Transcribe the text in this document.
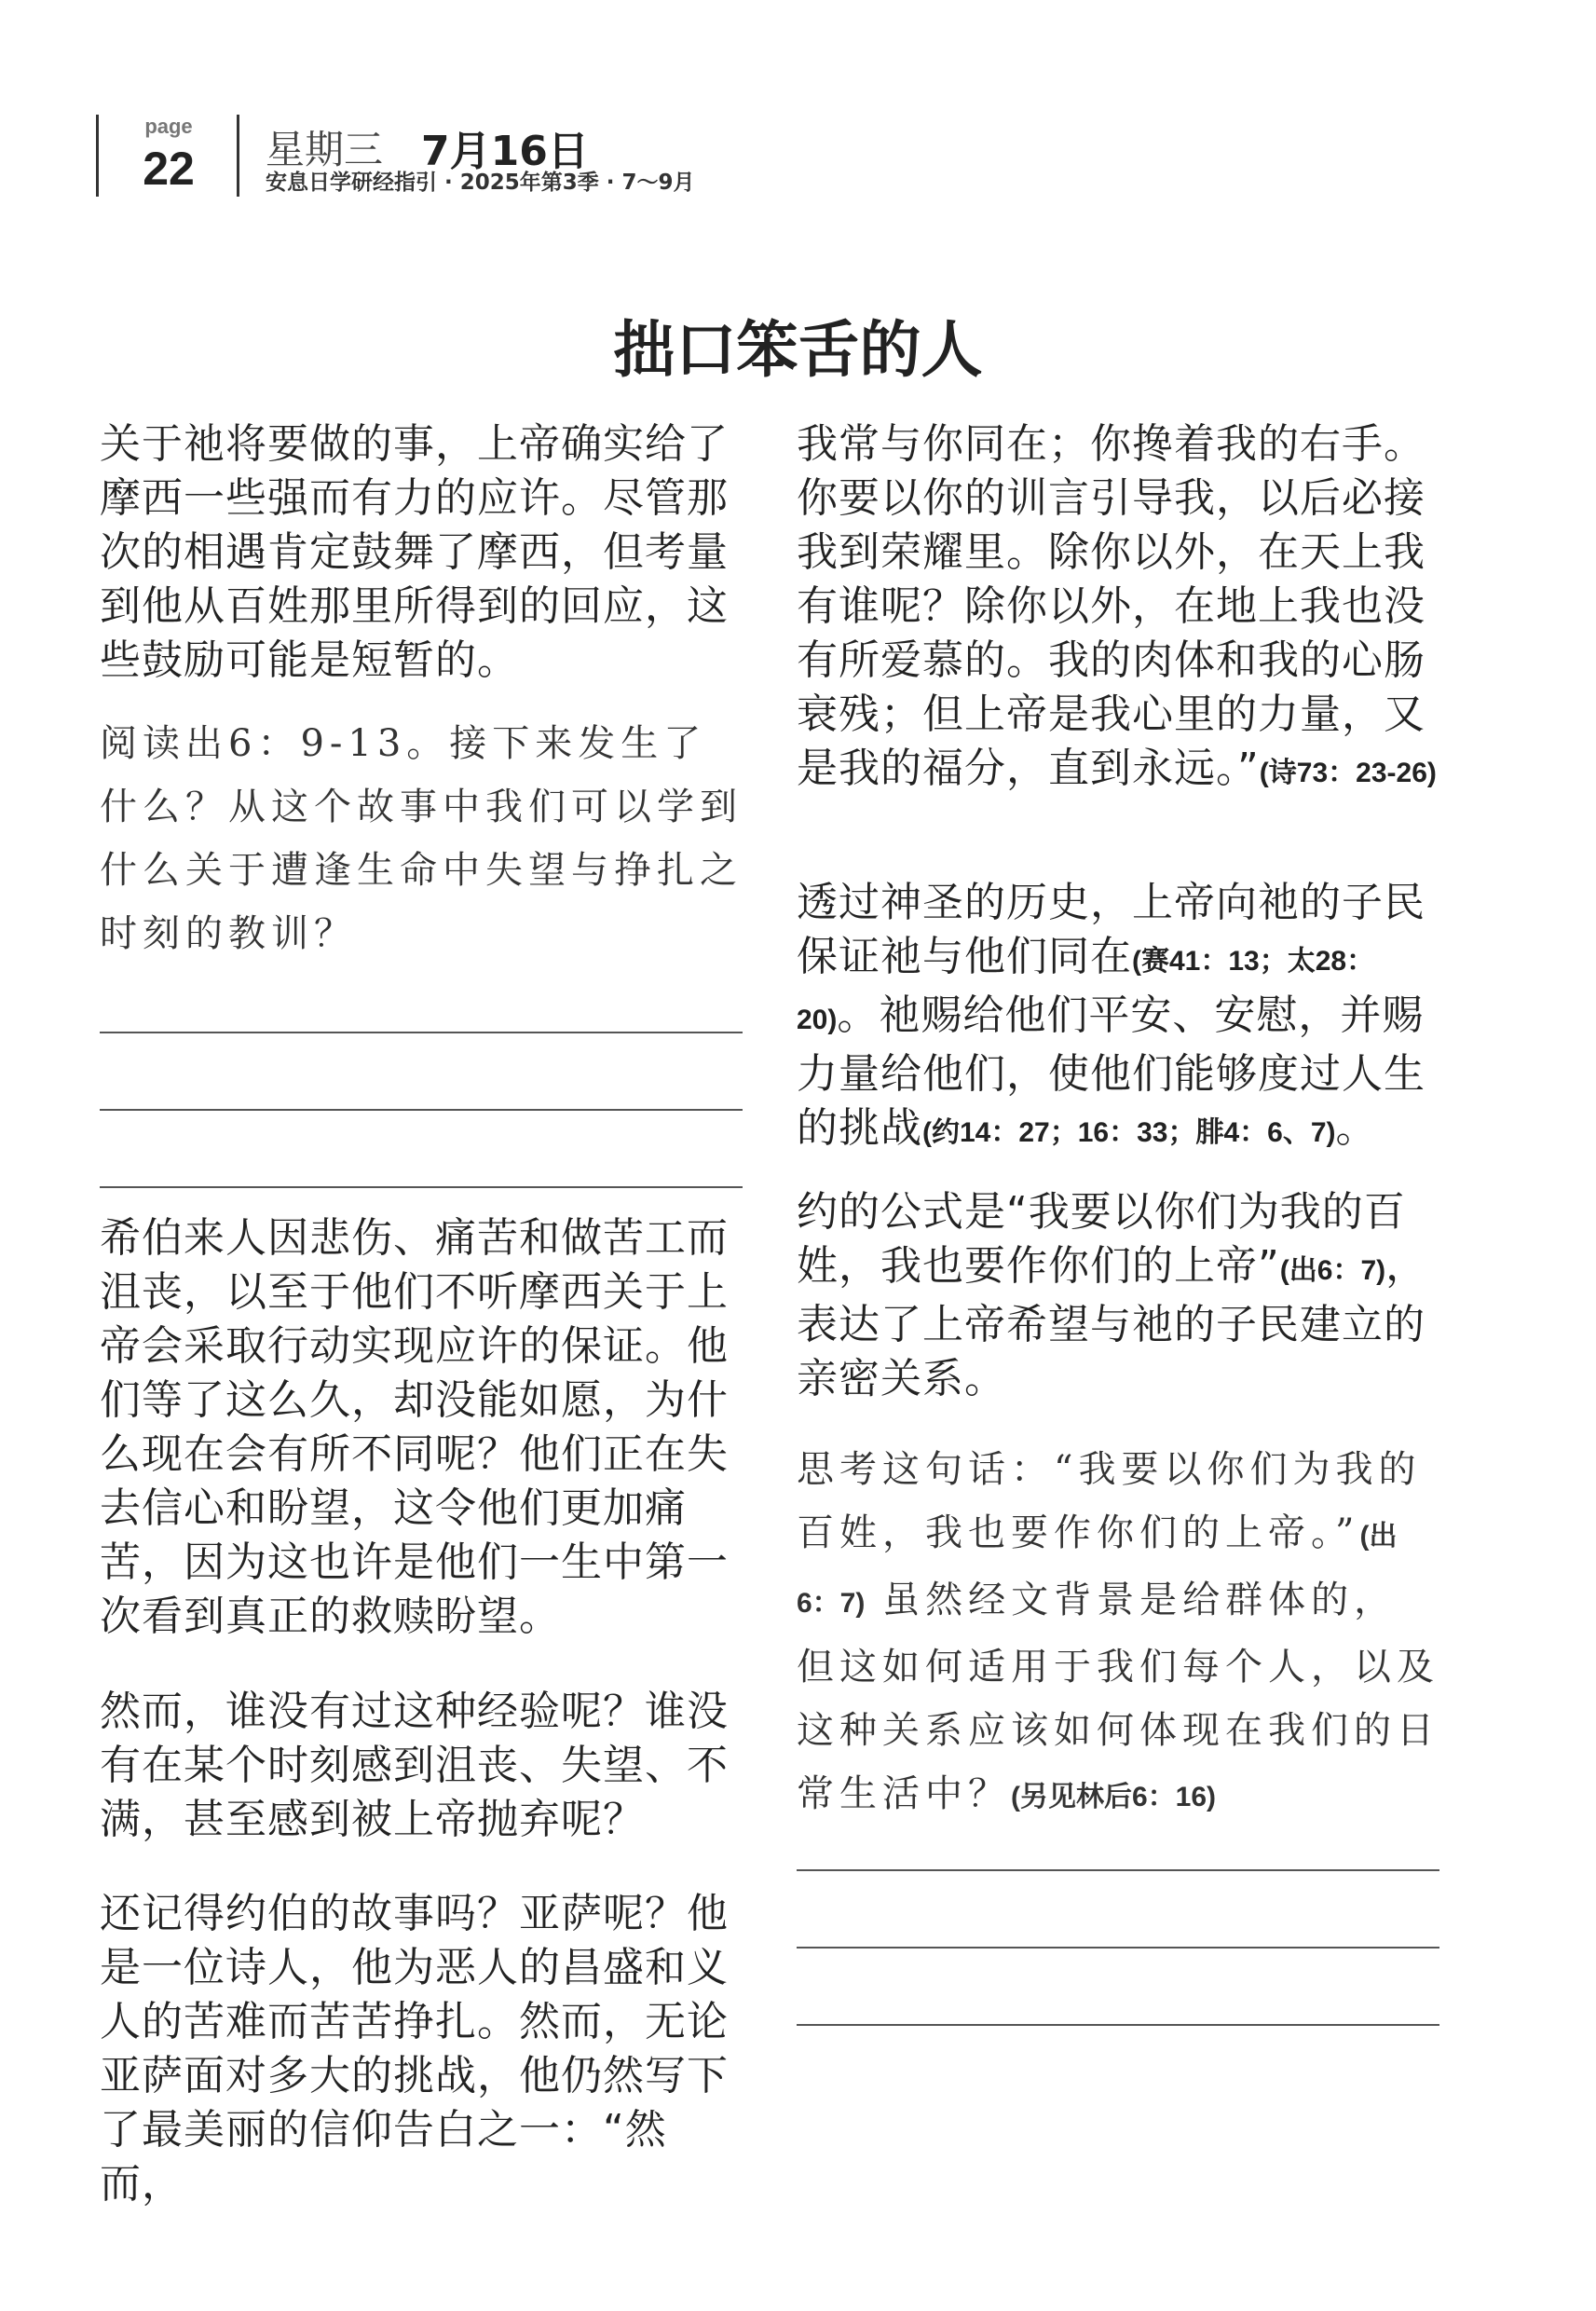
page
22 星期三 7月16日
安息日学研经指引 · 2025年第3季 · 7～9月
拙口笨舌的人

关于祂将要做的事，上帝确实给了摩西一些强而有力的应许。尽管那次的相遇肯定鼓舞了摩西，但考量到他从百姓那里所得到的回应，这些鼓励可能是短暂的。

阅读出6：9-13。接下来发生了什么？从这个故事中我们可以学到什么关于遭逢生命中失望与挣扎之时刻的教训？

希伯来人因悲伤、痛苦和做苦工而沮丧，以至于他们不听摩西关于上帝会采取行动实现应许的保证。他们等了这么久，却没能如愿，为什么现在会有所不同呢？他们正在失去信心和盼望，这令他们更加痛苦，因为这也许是他们一生中第一次看到真正的救赎盼望。

然而，谁没有过这种经验呢？谁没有在某个时刻感到沮丧、失望、不满，甚至感到被上帝抛弃呢？

还记得约伯的故事吗？亚萨呢？他是一位诗人，他为恶人的昌盛和义人的苦难而苦苦挣扎。然而，无论亚萨面对多大的挑战，他仍然写下了最美丽的信仰告白之一：“然而，

我常与你同在；你搀着我的右手。你要以你的训言引导我，以后必接我到荣耀里。除你以外，在天上我有谁呢？除你以外，在地上我也没有所爱慕的。我的肉体和我的心肠衰残；但上帝是我心里的力量，又是我的福分，直到永远。”(诗73：23-26)

透过神圣的历史，上帝向祂的子民保证祂与他们同在(赛41：13；太28：20)。祂赐给他们平安、安慰，并赐力量给他们，使他们能够度过人生的挑战(约14：27；16：33；腓4：6、7)。

约的公式是“我要以你们为我的百姓，我也要作你们的上帝”(出6：7)，表达了上帝希望与祂的子民建立的亲密关系。

思考这句话：“我要以你们为我的百姓，我也要作你们的上帝。”(出6：7) 虽然经文背景是给群体的，但这如何适用于我们每个人，以及这种关系应该如何体现在我们的日常生活中？(另见林后6：16)
